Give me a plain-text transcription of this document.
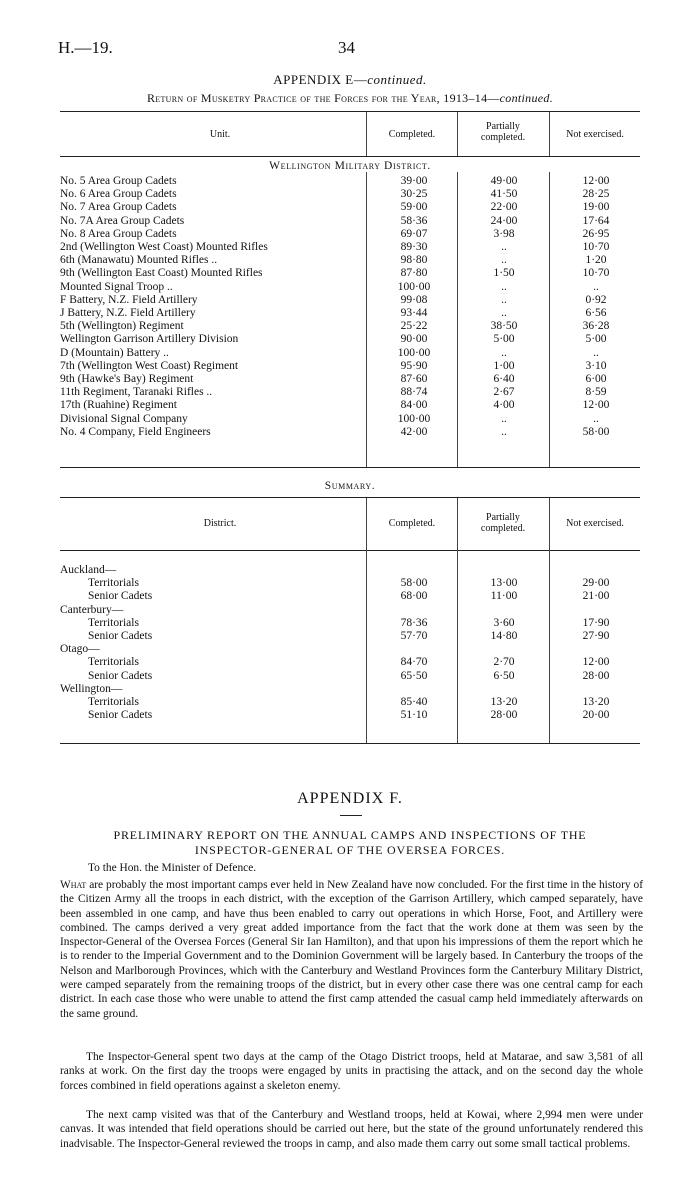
H.—19.	34
APPENDIX E—continued.
Return of Musketry Practice of the Forces for the Year, 1913–14—continued.
Unit.	Completed.
Partially
completed.	Not exercised.
Wellington Military District.
No. 5 Area Group Cadets	39·00	49·00	12·00
No. 6 Area Group Cadets	30·25	41·50	28·25
No. 7 Area Group Cadets	59·00	22·00	19·00
No. 7A Area Group Cadets	58·36	24·00	17·64
No. 8 Area Group Cadets	69·07	3·98	26·95
2nd (Wellington West Coast) Mounted Rifles	89·30	..	10·70
6th (Manawatu) Mounted Rifles ..	98·80	..	1·20
9th (Wellington East Coast) Mounted Rifles	87·80	1·50	10·70
Mounted Signal Troop ..	100·00	..	..
F Battery, N.Z. Field Artillery	99·08	..	0·92
J Battery, N.Z. Field Artillery	93·44	..	6·56
5th (Wellington) Regiment	25·22	38·50	36·28
Wellington Garrison Artillery Division	90·00	5·00	5·00
D (Mountain) Battery ..	100·00	..	..
7th (Wellington West Coast) Regiment	95·90	1·00	3·10
9th (Hawke's Bay) Regiment	87·60	6·40	6·00
11th Regiment, Taranaki Rifles ..	88·74	2·67	8·59
17th (Ruahine) Regiment	84·00	4·00	12·00
Divisional Signal Company	100·00	..	..
No. 4 Company, Field Engineers	42·00	..	58·00
Summary.
District.	Completed.
Partially
completed.	Not exercised.
Auckland—			
Territorials	58·00	13·00	29·00
Senior Cadets	68·00	11·00	21·00
Canterbury—			
Territorials	78·36	3·60	17·90
Senior Cadets	57·70	14·80	27·90
Otago—			
Territorials	84·70	2·70	12·00
Senior Cadets	65·50	6·50	28·00
Wellington—			
Territorials	85·40	13·20	13·20
Senior Cadets	51·10	28·00	20·00
APPENDIX F.
PRELIMINARY REPORT ON THE ANNUAL CAMPS AND INSPECTIONS OF THE INSPECTOR-GENERAL OF THE OVERSEA FORCES.
To the Hon. the Minister of Defence.
What are probably the most important camps ever held in New Zealand have now concluded. For the first time in the history of the Citizen Army all the troops in each district, with the exception of the Garrison Artillery, which camped separately, have been assembled in one camp, and have thus been enabled to carry out operations in which Horse, Foot, and Artillery were combined. The camps derived a very great added importance from the fact that the work done at them was seen by the Inspector-General of the Oversea Forces (General Sir Ian Hamilton), and that upon his impressions of them the report which he is to render to the Imperial Government and to the Dominion Government will be largely based. In Canterbury the troops of the Nelson and Marlborough Provinces, which with the Canterbury and Westland Provinces form the Canterbury Military District, were camped separately from the remaining troops of the district, but in every other case there was one central camp for each district. In each case those who were unable to attend the first camp attended the casual camp held immediately afterwards on the same ground.
The Inspector-General spent two days at the camp of the Otago District troops, held at Matarae, and saw 3,581 of all ranks at work. On the first day the troops were engaged by units in practising the attack, and on the second day the whole forces combined in field operations against a skeleton enemy.
The next camp visited was that of the Canterbury and Westland troops, held at Kowai, where 2,994 men were under canvas. It was intended that field operations should be carried out here, but the state of the ground unfortunately rendered this inadvisable. The Inspector-General reviewed the troops in camp, and also made them carry out some small tactical problems.
